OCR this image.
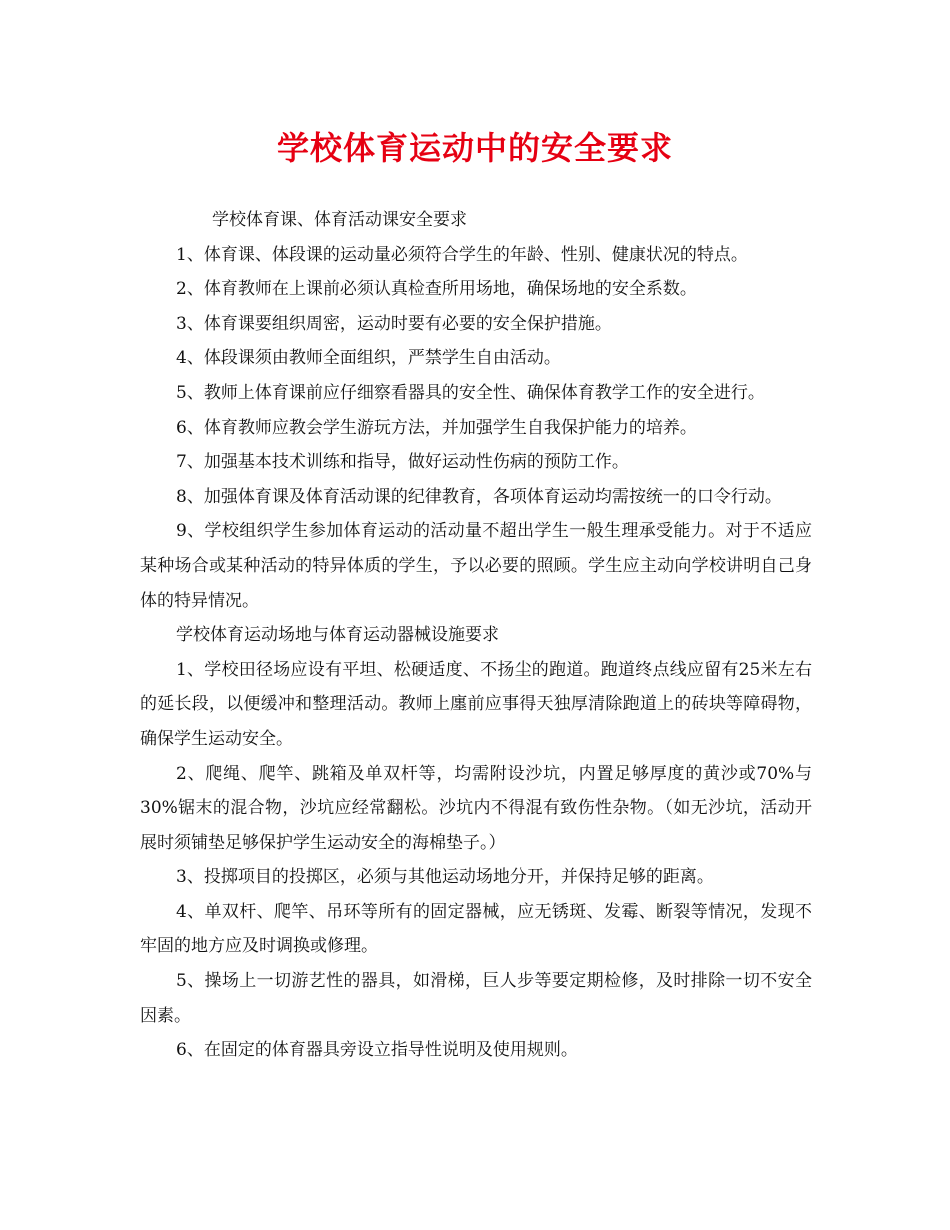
学校体育运动中的安全要求

学校体育课、体育活动课安全要求

1、体育课、体段课的运动量必须符合学生的年龄、性别、健康状况的特点。

2、体育教师在上课前必须认真检查所用场地，确保场地的安全系数。

3、体育课要组织周密，运动时要有必要的安全保护措施。

4、体段课须由教师全面组织，严禁学生自由活动。

5、教师上体育课前应仔细察看器具的安全性、确保体育教学工作的安全进行。

6、体育教师应教会学生游玩方法，并加强学生自我保护能力的培养。

7、加强基本技术训练和指导，做好运动性伤病的预防工作。

8、加强体育课及体育活动课的纪律教育，各项体育运动均需按统一的口令行动。

9、学校组织学生参加体育运动的活动量不超出学生一般生理承受能力。对于不适应某种场合或某种活动的特异体质的学生，予以必要的照顾。学生应主动向学校讲明自己身体的特异情况。

学校体育运动场地与体育运动器械设施要求

1、学校田径场应设有平坦、松硬适度、不扬尘的跑道。跑道终点线应留有25米左右的延长段，以便缓冲和整理活动。教师上廛前应事得天独厚清除跑道上的砖块等障碍物，确保学生运动安全。

2、爬绳、爬竿、跳箱及单双杆等，均需附设沙坑，内置足够厚度的黄沙或70%与30%锯末的混合物，沙坑应经常翻松。沙坑内不得混有致伤性杂物。（如无沙坑，活动开展时须铺垫足够保护学生运动安全的海棉垫子。）

3、投掷项目的投掷区，必须与其他运动场地分开，并保持足够的距离。

4、单双杆、爬竿、吊环等所有的固定器械，应无锈斑、发霉、断裂等情况，发现不牢固的地方应及时调换或修理。

5、操场上一切游艺性的器具，如滑梯，巨人步等要定期检修，及时排除一切不安全因素。

6、在固定的体育器具旁设立指导性说明及使用规则。
